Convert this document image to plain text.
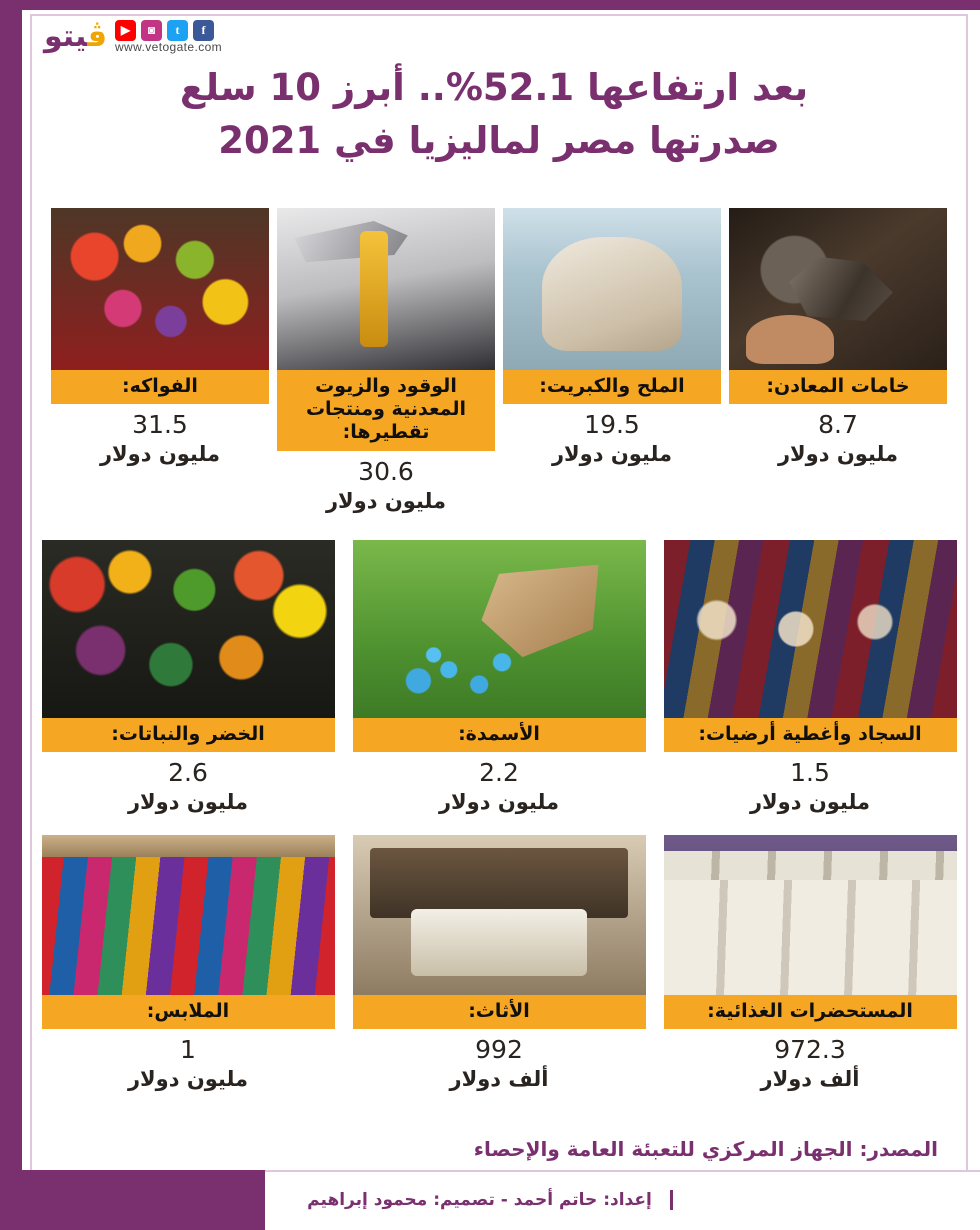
ڨيتو	f
t
◙
▶
www.vetogate.com
بعد ارتفاعها 52.1%.. أبرز 10 سلع
صدرتها مصر لماليزيا في 2021
الفواكه:
31.5
مليون دولار
الوقود والزيوت المعدنية ومنتجات تقطيرها:
30.6
مليون دولار
الملح والكبريت:
19.5
مليون دولار
خامات المعادن:
8.7
مليون دولار
الخضر والنباتات:
2.6
مليون دولار
الأسمدة:
2.2
مليون دولار
السجاد وأغطية أرضيات:
1.5
مليون دولار
الملابس:
1
مليون دولار
الأثاث:
992
ألف دولار
المستحضرات الغذائية:
972.3
ألف دولار
المصدر: الجهاز المركزي للتعبئة العامة والإحصاء
إعداد: حاتم أحمد - تصميم: محمود إبراهيم
